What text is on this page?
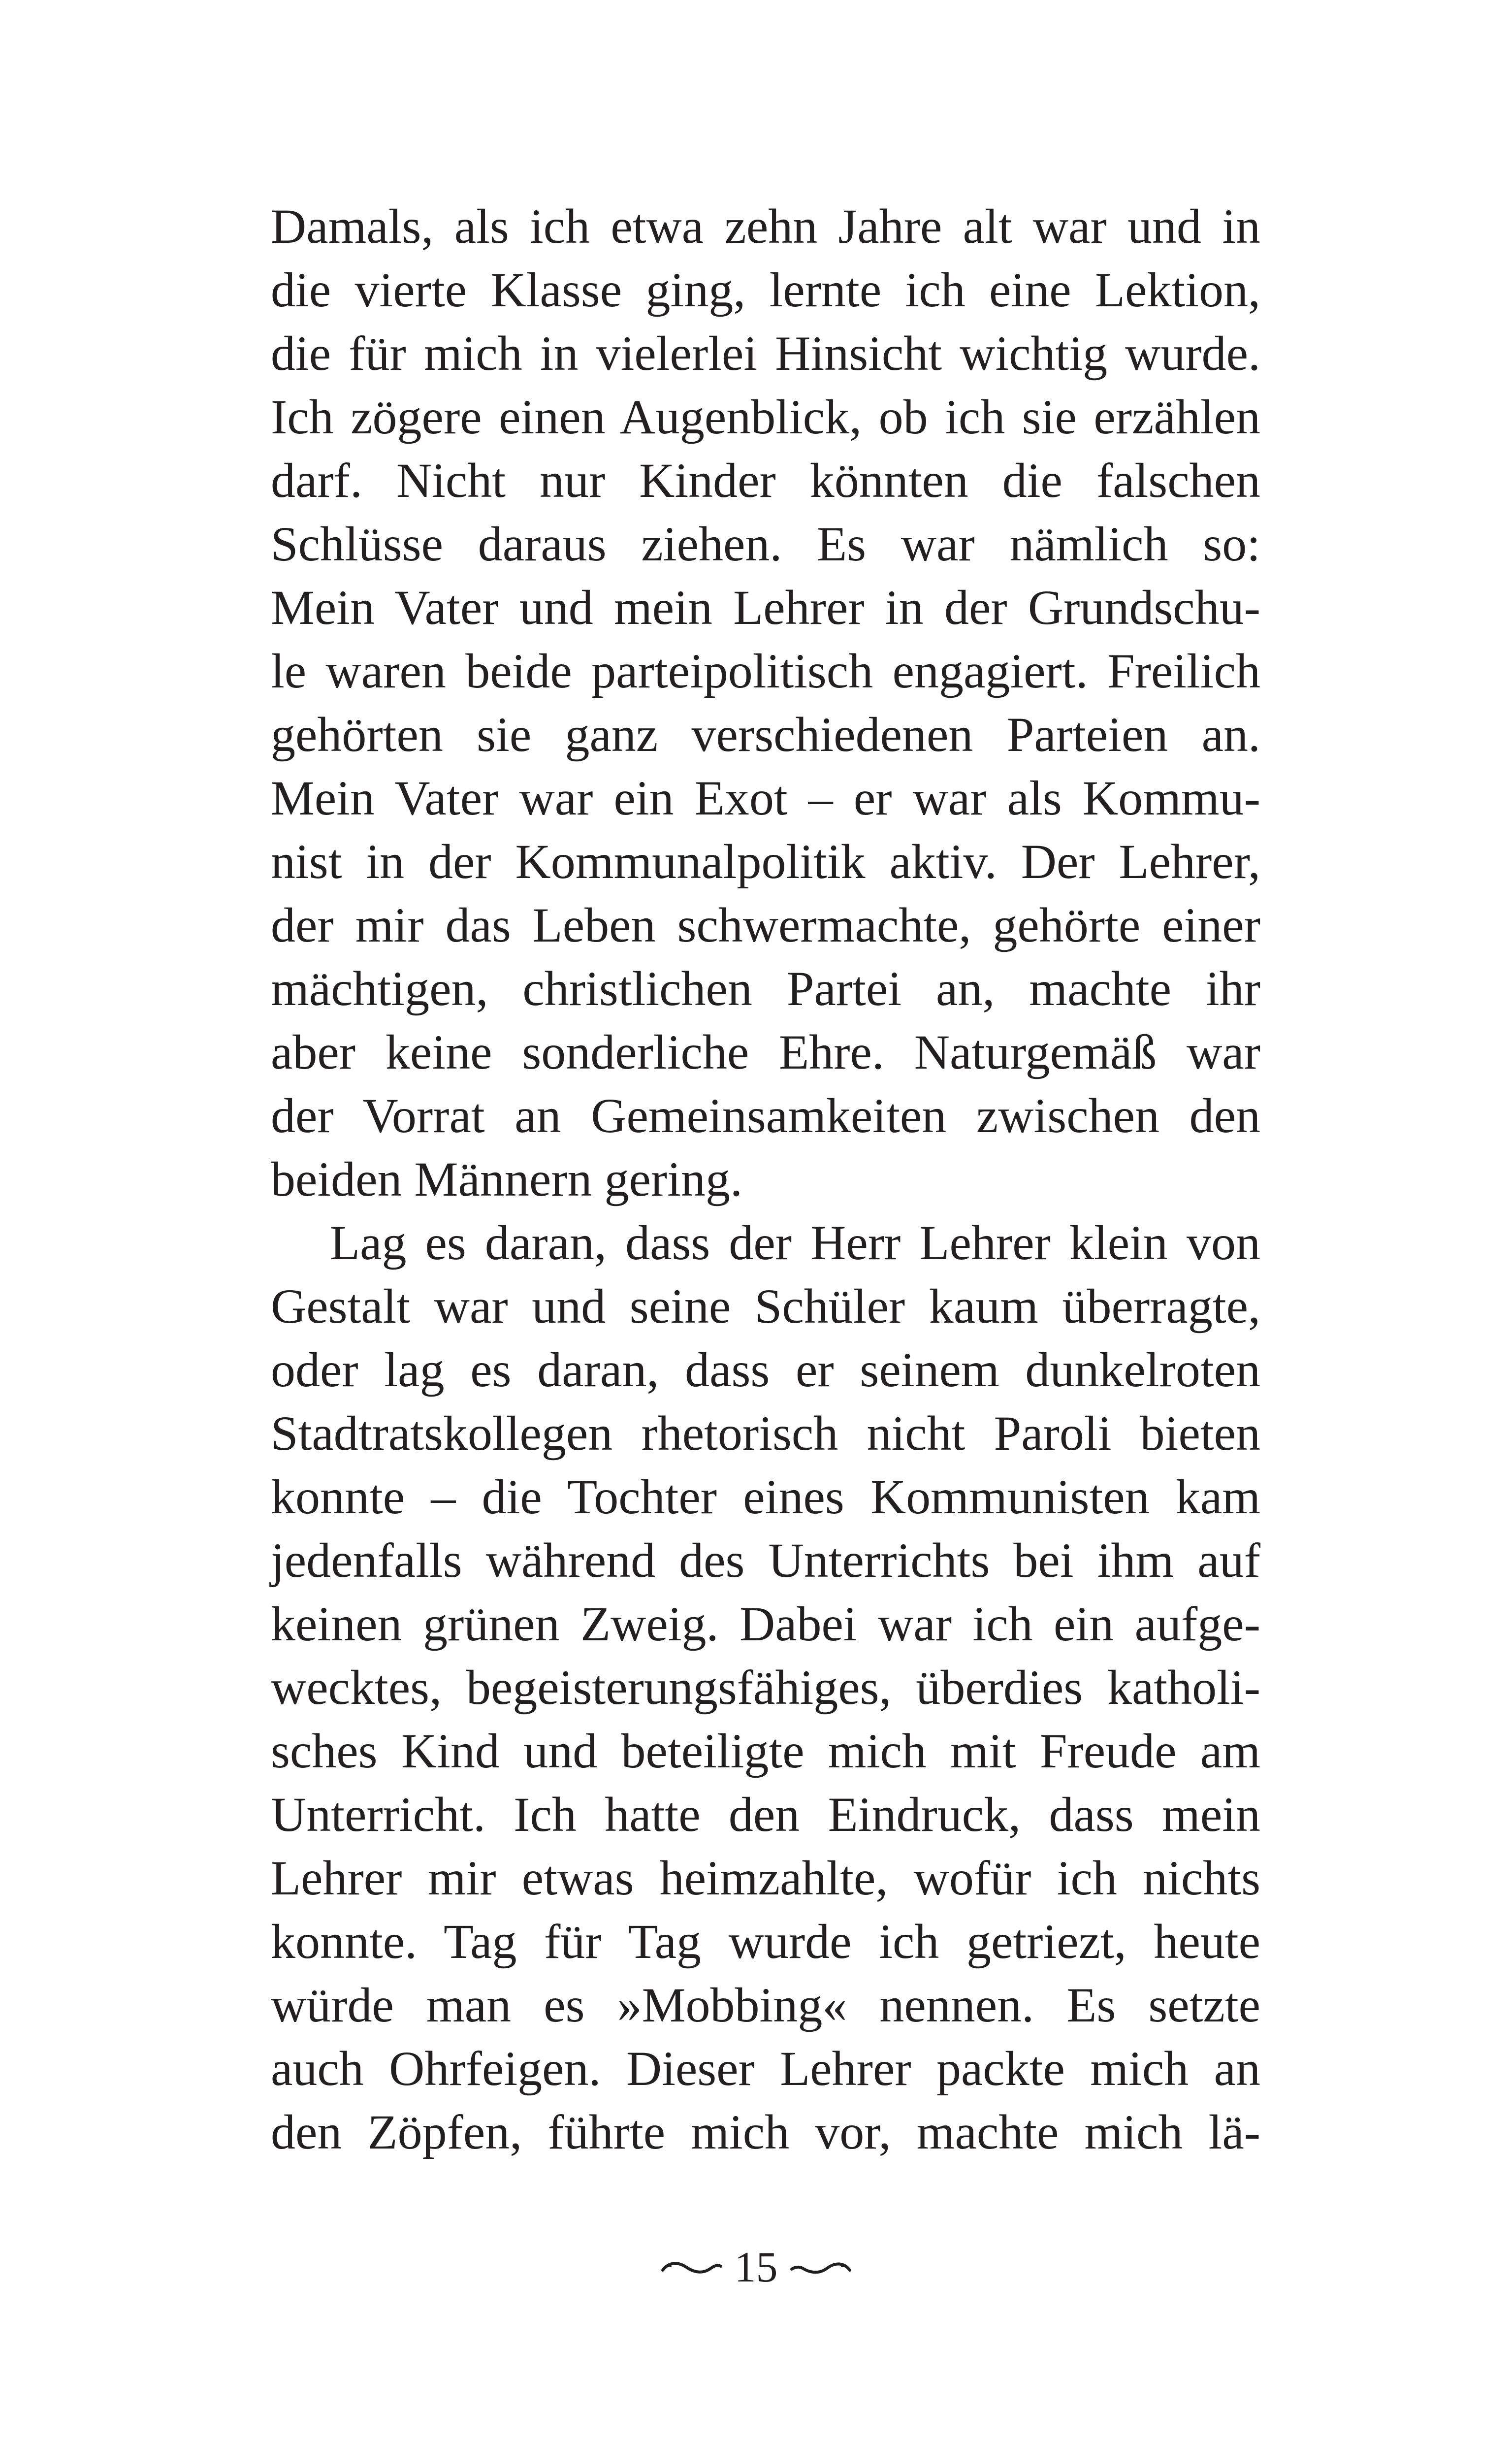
Damals, als ich etwa zehn Jahre alt war und in
die vierte Klasse ging, lernte ich eine Lektion,
die für mich in vielerlei Hinsicht wichtig wurde.
Ich zögere einen Augenblick, ob ich sie erzählen
darf. Nicht nur Kinder könnten die falschen
Schlüsse daraus ziehen. Es war nämlich so:
Mein Vater und mein Lehrer in der Grundschu-
le waren beide parteipolitisch engagiert. Freilich
gehörten sie ganz verschiedenen Parteien an.
Mein Vater war ein Exot – er war als Kommu-
nist in der Kommunalpolitik aktiv. Der Lehrer,
der mir das Leben schwermachte, gehörte einer
mächtigen, christlichen Partei an, machte ihr
aber keine sonderliche Ehre. Naturgemäß war
der Vorrat an Gemeinsamkeiten zwischen den
beiden Männern gering.
Lag es daran, dass der Herr Lehrer klein von
Gestalt war und seine Schüler kaum überragte,
oder lag es daran, dass er seinem dunkelroten
Stadtratskollegen rhetorisch nicht Paroli bieten
konnte – die Tochter eines Kommunisten kam
jedenfalls während des Unterrichts bei ihm auf
keinen grünen Zweig. Dabei war ich ein aufge-
wecktes, begeisterungsfähiges, überdies katholi-
sches Kind und beteiligte mich mit Freude am
Unterricht. Ich hatte den Eindruck, dass mein
Lehrer mir etwas heimzahlte, wofür ich nichts
konnte. Tag für Tag wurde ich getriezt, heute
würde man es »Mobbing« nennen. Es setzte
auch Ohrfeigen. Dieser Lehrer packte mich an
den Zöpfen, führte mich vor, machte mich lä-
15
